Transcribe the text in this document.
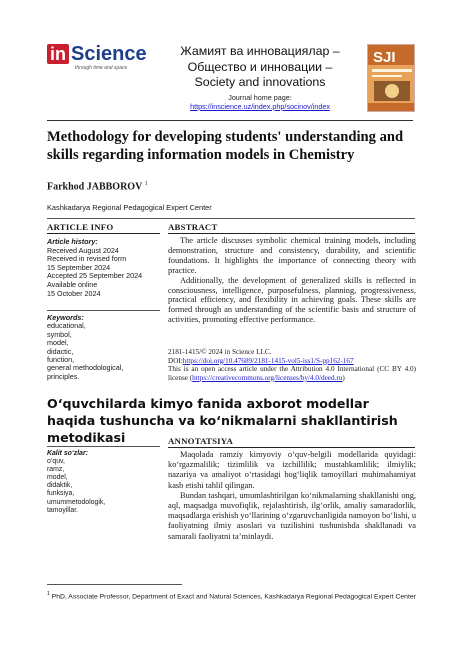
in Science
through time and space
Жамият ва инновациялар –
Общество и инновации –
Society and innovations
Journal home page:
https://inscience.uz/index.php/socinov/index
SJI
Methodology for developing students' understanding and skills regarding information models in Chemistry
Farkhod JABBOROV $^1$
Kashkadarya Regional Pedagogical Expert Center
ARTICLE INFO	ABSTRACT
Article history:
Received August 2024
Received in revised form
15 September 2024
Accepted 25 September 2024
Available online
15 October 2024
Keywords:
educational,
symbol,
model,
didactic,
function,
general methodological,
principles.

The article discusses symbolic chemical training models, including demonstration, structure and consistency, durability, and scientific foundations. It highlights the importance of connecting theory with practice.

Additionally, the development of generalized skills is reflected in consciousness, intelligence, purposefulness, planning, progressiveness, practical efficiency, and flexibility in achieving goals. These skills are formed through an understanding of the scientific basis and structure of activities, promoting effective performance.

2181-1415/© 2024 in Science LLC.
DOI:https://doi.org/10.47689/2181-1415-vol5-iss1/S-pp162-167
This is an open access article under the Attribution 4.0 International (CC BY 4.0) license (https://creativecommons.org/licenses/by/4.0/deed.ru)
O‘quvchilarda kimyo fanida axborot modellar haqida tushuncha va ko‘nikmalarni shakllantirish metodikasi	ANNOTATSIYA
Kalit so‘zlar:
o‘quv,
ramz,
model,
didaktik,
funksiya,
umummetodologik,
tamoyillar.

Maqolada ramziy kimyoviy o‘quv-belgili modellarida quyidagi: ko‘rgazmalilik; tizimlilik va izchillilik; mustahkamlilik; ilmiylik; nazariya va amaliyot o‘rtasidagi bog‘liqlik tamoyillari muhimahamiyat kasb etishi tahlil qilingan.

Bundan tashqari, umumlashtirilgan ko‘nikmalarning shakllanishi ong, aql, maqsadga muvofiqlik, rejalashtirish, ilg‘orlik, amaliy samaradorlik, maqsadlarga erishish yo‘llarining o‘zgaruvchanligida namoyon bo‘lishi, u faoliyatning ilmiy asoslari va tuzilishini tushunishda shakllanadi va samarali faoliyatni ta’minlaydi.

$^1$ PhD, Associate Professor, Department of Exact and Natural Sciences, Kashkadarya Regional Pedagogical Expert Center
